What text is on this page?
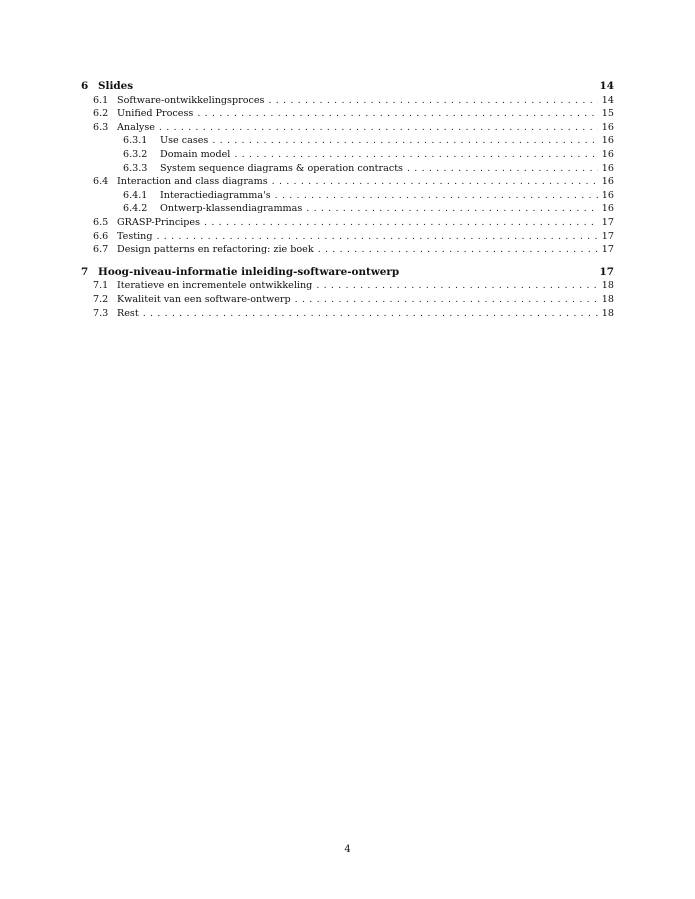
6 Slides	14
6.1 Software-ontwikkelingsproces . . .	14
6.2 Unified Process . . .	15
6.3 Analyse . . .	16
6.3.1	Use cases . . .	16
6.3.2	Domain model . . .	16
6.3.3	System sequence diagrams & operation contracts . . .	16
6.4 Interaction and class diagrams . . .	16
6.4.1	Interactiediagramma's . . .	16
6.4.2	Ontwerp-klassendiagrammas . . .	16
6.5 GRASP-Principes . . .	17
6.6 Testing . . .	17
6.7 Design patterns en refactoring: zie boek . . .	17
7 Hoog-niveau-informatie inleiding-software-ontwerp	17
7.1 Iteratieve en incrementele ontwikkeling . . .	18
7.2 Kwaliteit van een software-ontwerp . . .	18
7.3 Rest . . .	18
4
